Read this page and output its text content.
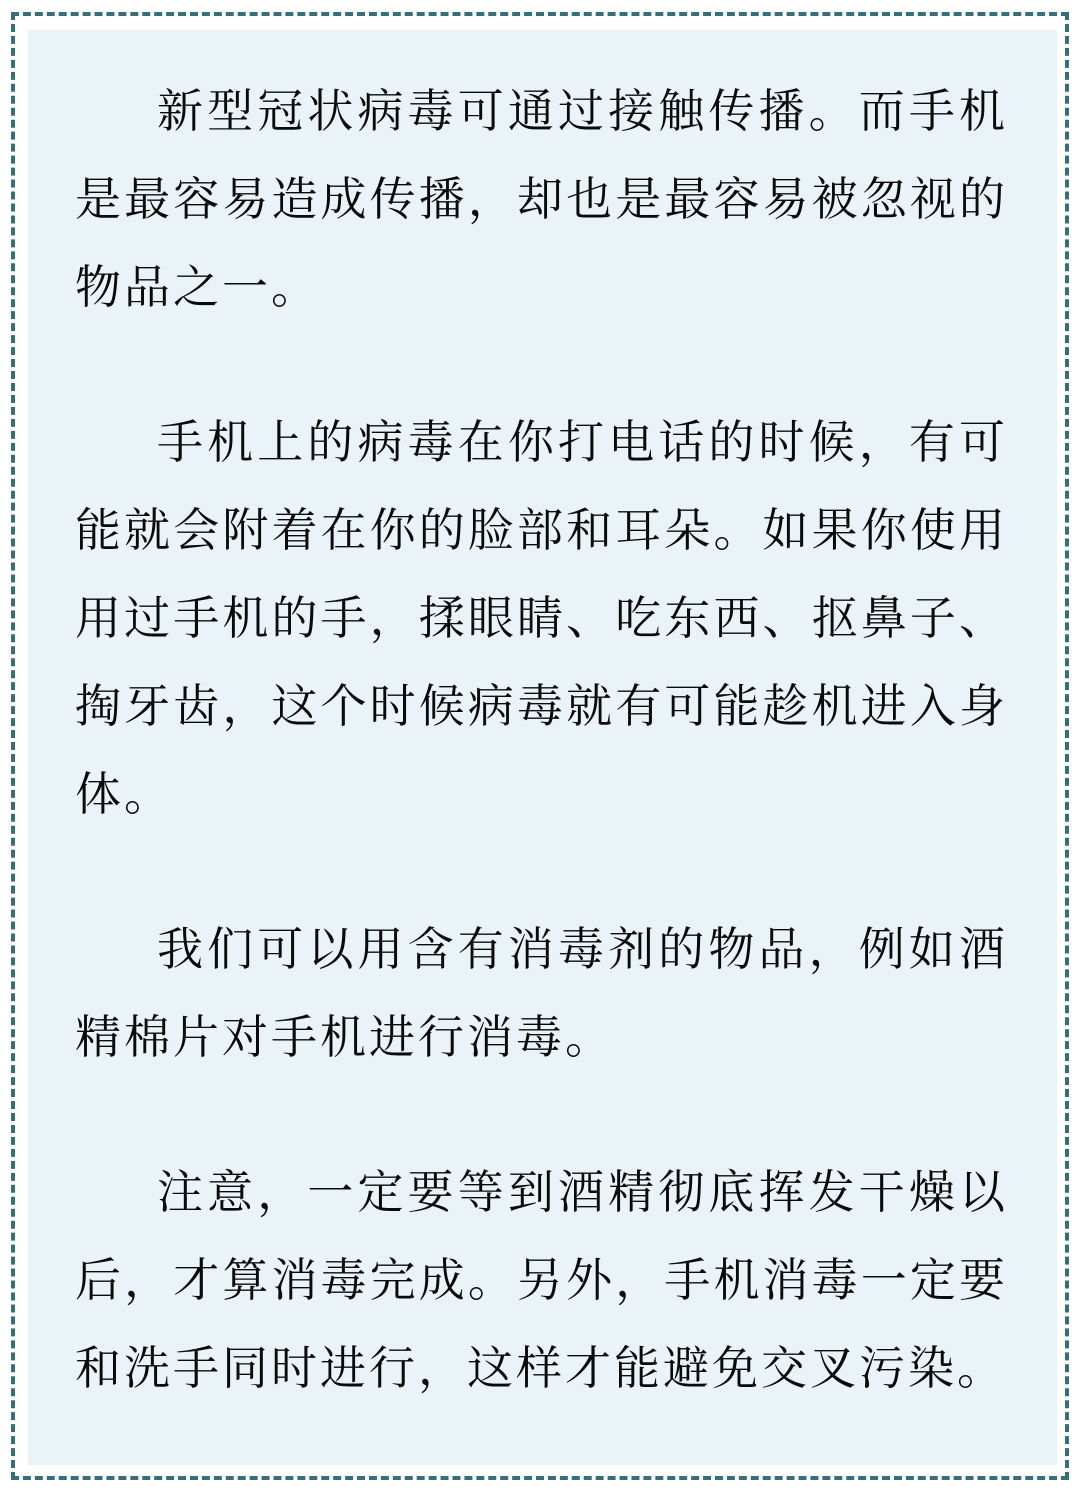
新型冠状病毒可通过接触传播。而手机
是最容易造成传播，却也是最容易被忽视的
物品之一。
手机上的病毒在你打电话的时候，有可
能就会附着在你的脸部和耳朵。如果你使用
用过手机的手，揉眼睛、吃东西、抠鼻子、
掏牙齿，这个时候病毒就有可能趁机进入身
体。
我们可以用含有消毒剂的物品，例如酒
精棉片对手机进行消毒。
注意，一定要等到酒精彻底挥发干燥以
后，才算消毒完成。另外，手机消毒一定要
和洗手同时进行，这样才能避免交叉污染。
